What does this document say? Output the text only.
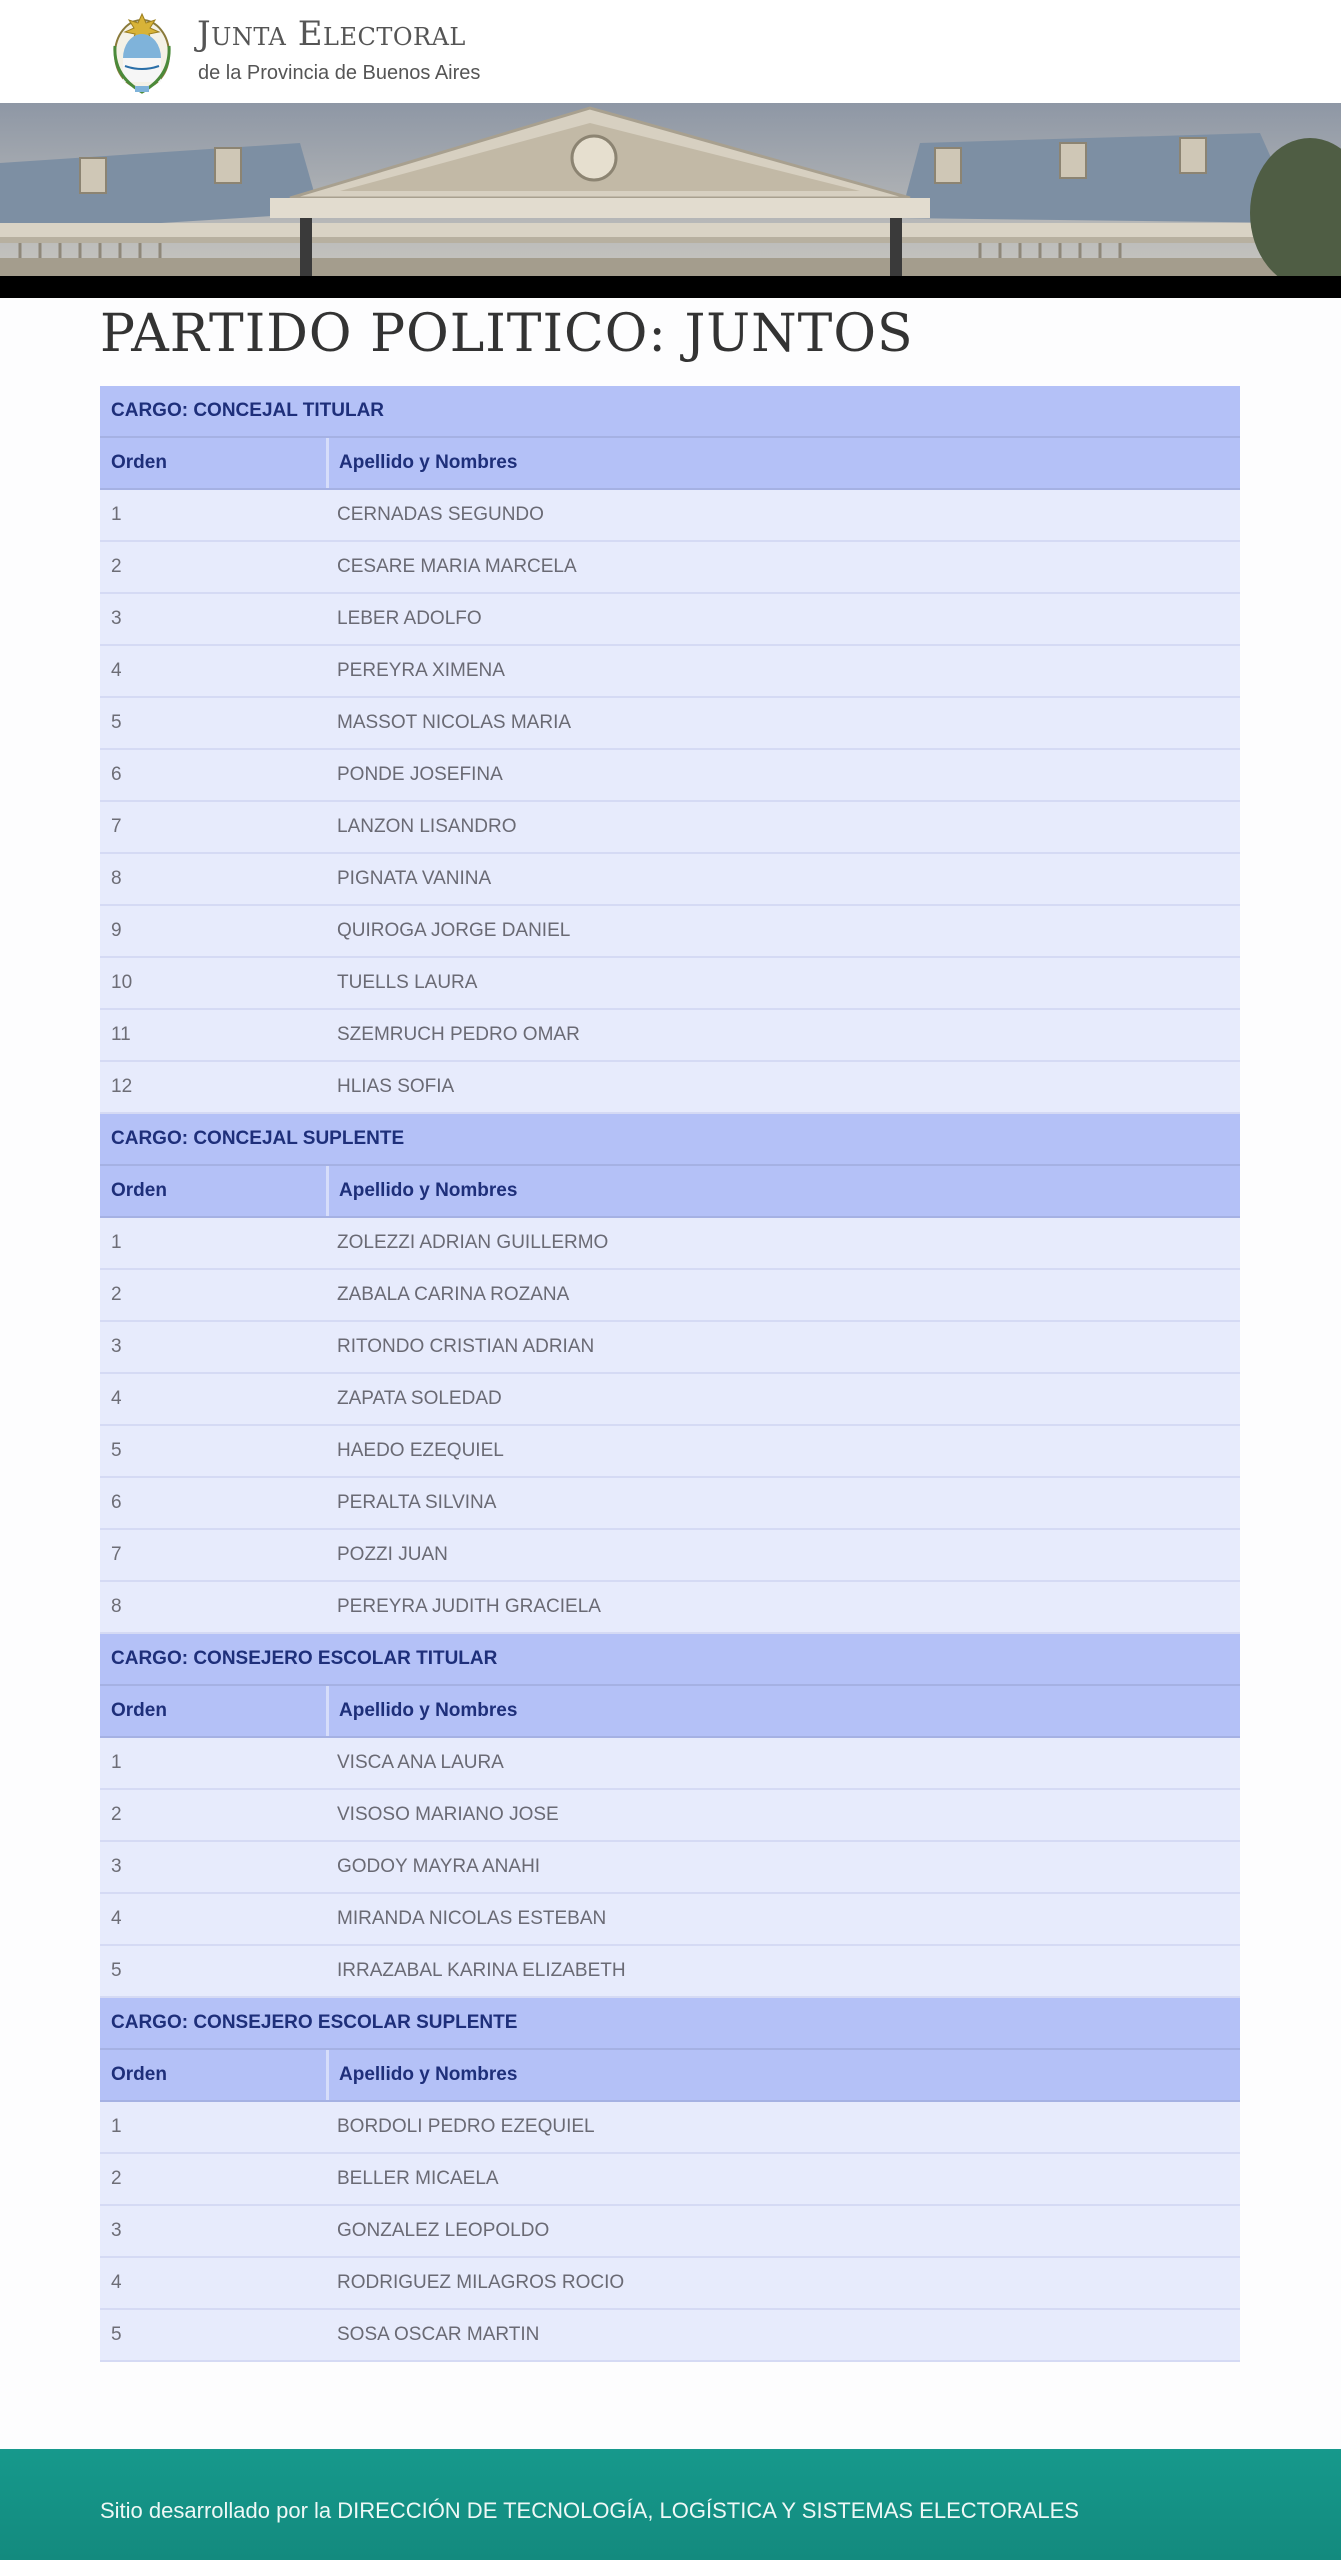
Junta Electoral
de la Provincia de Buenos Aires
PARTIDO POLITICO: JUNTOS
CARGO: CONCEJAL TITULAR
Orden	Apellido y Nombres
1	CERNADAS SEGUNDO
2	CESARE MARIA MARCELA
3	LEBER ADOLFO
4	PEREYRA XIMENA
5	MASSOT NICOLAS MARIA
6	PONDE JOSEFINA
7	LANZON LISANDRO
8	PIGNATA VANINA
9	QUIROGA JORGE DANIEL
10	TUELLS LAURA
11	SZEMRUCH PEDRO OMAR
12	HLIAS SOFIA
CARGO: CONCEJAL SUPLENTE
Orden	Apellido y Nombres
1	ZOLEZZI ADRIAN GUILLERMO
2	ZABALA CARINA ROZANA
3	RITONDO CRISTIAN ADRIAN
4	ZAPATA SOLEDAD
5	HAEDO EZEQUIEL
6	PERALTA SILVINA
7	POZZI JUAN
8	PEREYRA JUDITH GRACIELA
CARGO: CONSEJERO ESCOLAR TITULAR
Orden	Apellido y Nombres
1	VISCA ANA LAURA
2	VISOSO MARIANO JOSE
3	GODOY MAYRA ANAHI
4	MIRANDA NICOLAS ESTEBAN
5	IRRAZABAL KARINA ELIZABETH
CARGO: CONSEJERO ESCOLAR SUPLENTE
Orden	Apellido y Nombres
1	BORDOLI PEDRO EZEQUIEL
2	BELLER MICAELA
3	GONZALEZ LEOPOLDO
4	RODRIGUEZ MILAGROS ROCIO
5	SOSA OSCAR MARTIN
Sitio desarrollado por la DIRECCIÓN DE TECNOLOGÍA, LOGÍSTICA Y SISTEMAS ELECTORALES
